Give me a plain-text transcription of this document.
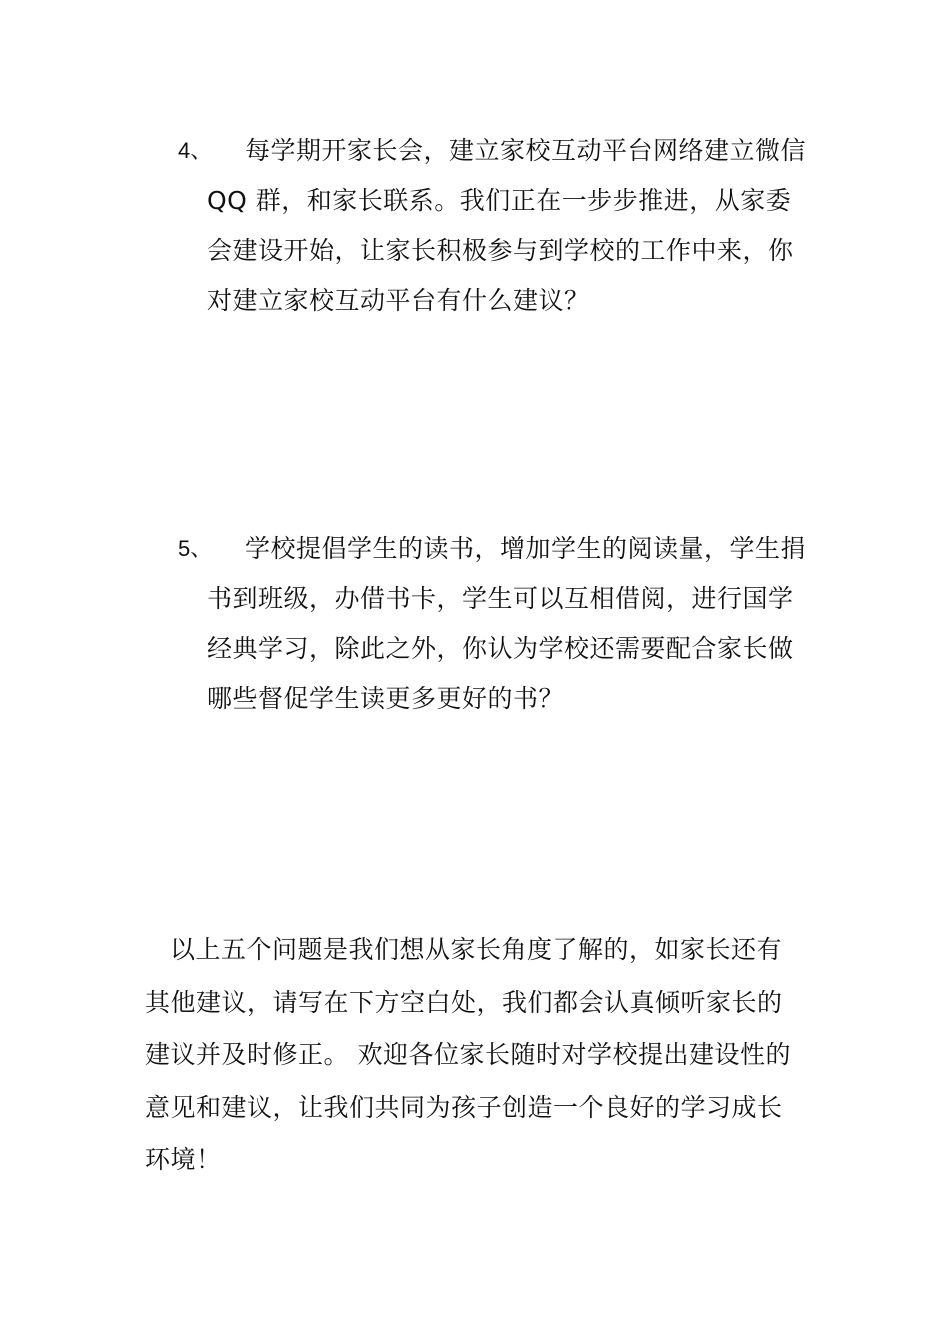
4、 每学期开家长会，建立家校互动平台网络建立微信
QQ 群，和家长联系。我们正在一步步推进，从家委
会建设开始，让家长积极参与到学校的工作中来，你
对建立家校互动平台有什么建议？
5、 学校提倡学生的读书，增加学生的阅读量，学生捐
书到班级，办借书卡，学生可以互相借阅，进行国学
经典学习，除此之外，你认为学校还需要配合家长做
哪些督促学生读更多更好的书？
以上五个问题是我们想从家长角度了解的，如家长还有
其他建议，请写在下方空白处，我们都会认真倾听家长的
建议并及时修正。 欢迎各位家长随时对学校提出建设性的
意见和建议，让我们共同为孩子创造一个良好的学习成长
环境！
